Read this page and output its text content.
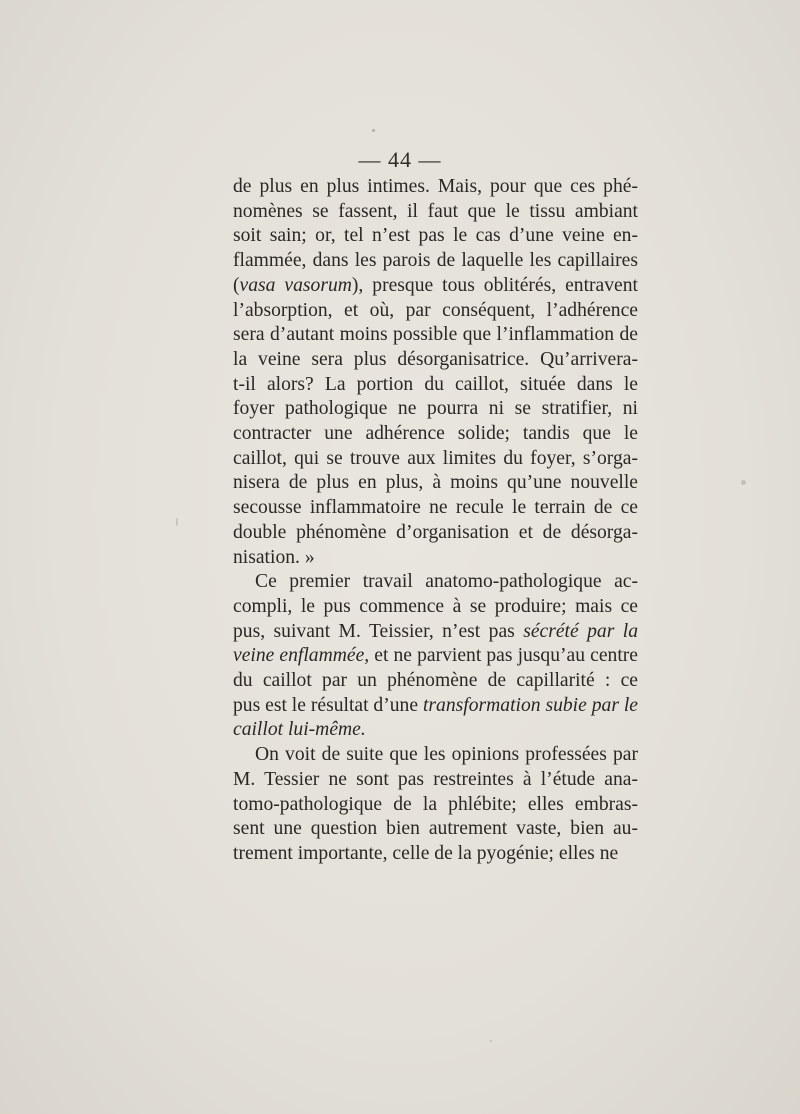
— 44 —
de plus en plus intimes. Mais, pour que ces phé-
nomènes se fassent, il faut que le tissu ambiant
soit sain; or, tel n’est pas le cas d’une veine en-
flammée, dans les parois de laquelle les capillaires
(vasa vasorum), presque tous oblitérés, entravent
l’absorption, et où, par conséquent, l’adhérence
sera d’autant moins possible que l’inflammation de
la veine sera plus désorganisatrice. Qu’arrivera-
t-il alors? La portion du caillot, située dans le
foyer pathologique ne pourra ni se stratifier, ni
contracter une adhérence solide; tandis que le
caillot, qui se trouve aux limites du foyer, s’orga-
nisera de plus en plus, à moins qu’une nouvelle
secousse inflammatoire ne recule le terrain de ce
double phénomène d’organisation et de désorga-
nisation. »
Ce premier travail anatomo-pathologique ac-
compli, le pus commence à se produire; mais ce
pus, suivant M. Teissier, n’est pas sécrété par la
veine enflammée, et ne parvient pas jusqu’au centre
du caillot par un phénomène de capillarité : ce
pus est le résultat d’une transformation subie par le
caillot lui-même.
On voit de suite que les opinions professées par
M. Tessier ne sont pas restreintes à l’étude ana-
tomo-pathologique de la phlébite; elles embras-
sent une question bien autrement vaste, bien au-
trement importante, celle de la pyogénie; elles ne
